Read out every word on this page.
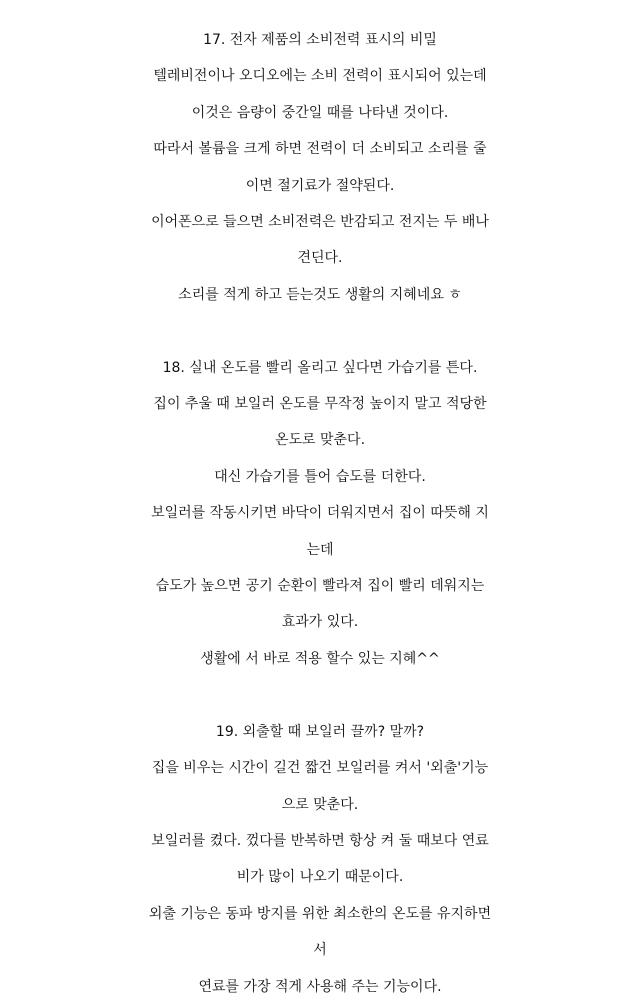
17. 전자 제품의 소비전력 표시의 비밀
텔레비전이나 오디오에는 소비 전력이 표시되어 있는데
이것은 음량이 중간일 때를 나타낸 것이다.
따라서 볼륨을 크게 하면 전력이 더 소비되고 소리를 줄
이면 절기료가 절약된다.
이어폰으로 들으면 소비전력은 반감되고 전지는 두 배나
견딘다.
소리를 적게 하고 듣는것도 생활의 지혜네요 ㅎ
18. 실내 온도를 빨리 올리고 싶다면 가습기를 튼다.
집이 추울 때 보일러 온도를 무작정 높이지 말고 적당한
온도로 맞춘다.
대신 가습기를 틀어 습도를 더한다.
보일러를 작동시키면 바닥이 더워지면서 집이 따뜻해 지
는데
습도가 높으면 공기 순환이 빨라져 집이 빨리 데워지는
효과가 있다.
생활에 서 바로 적용 할수 있는 지혜^^
19. 외출할 때 보일러 끌까? 말까?
집을 비우는 시간이 길건 짧건 보일러를 켜서 '외출'기능
으로 맞춘다.
보일러를 켰다. 껐다를 반복하면 항상 켜 둘 때보다 연료
비가 많이 나오기 때문이다.
외출 기능은 동파 방지를 위한 최소한의 온도를 유지하면
서
연료를 가장 적게 사용해 주는 기능이다.
